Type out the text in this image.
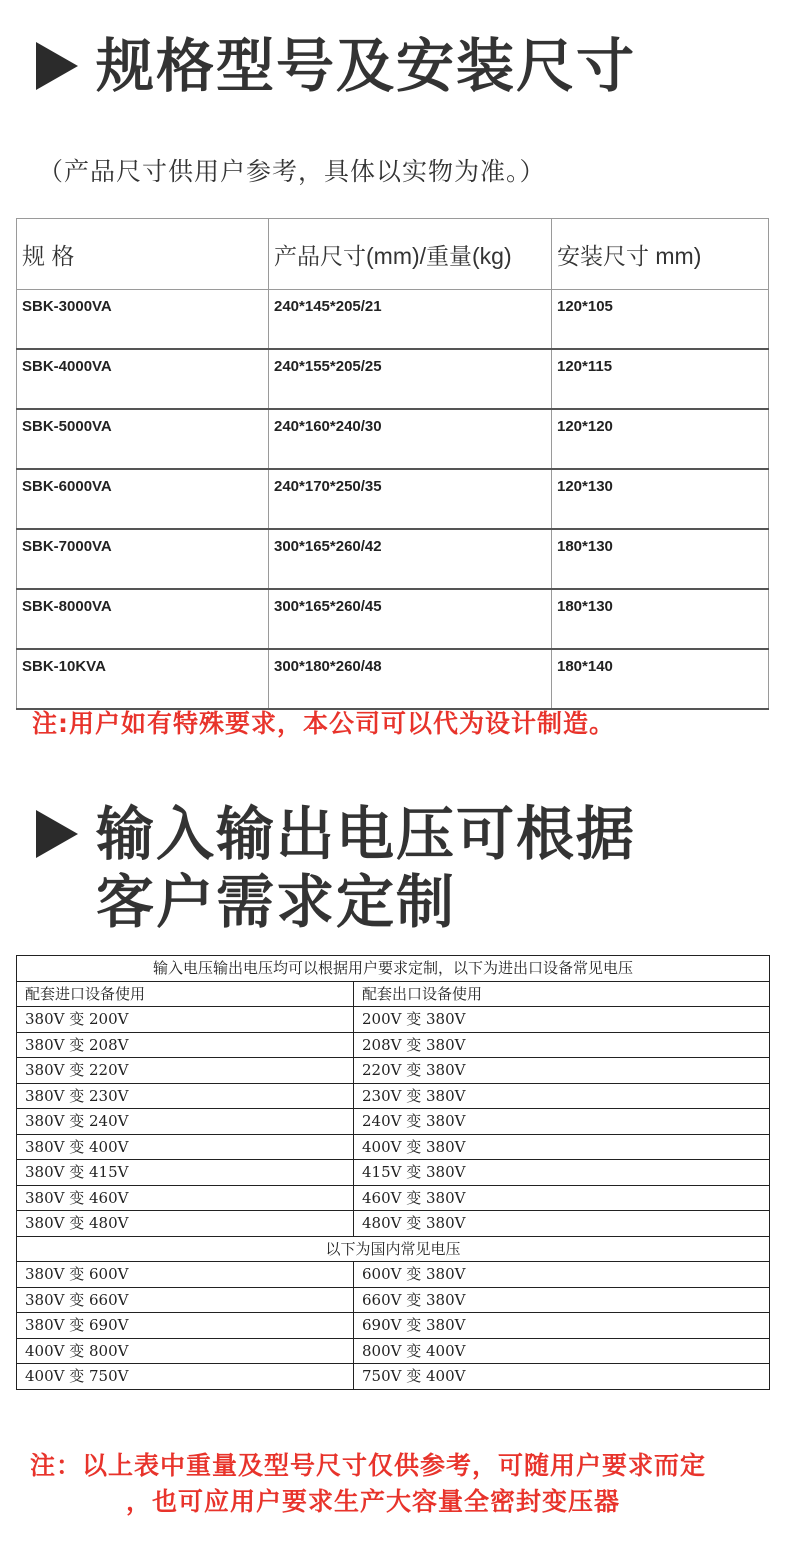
规格型号及安装尺寸
（产品尺寸供用户参考，具体以实物为准。）
规 格	产品尺寸(mm)/重量(kg)	安装尺寸 mm)
SBK-3000VA	240*145*205/21	120*105
SBK-4000VA	240*155*205/25	120*115
SBK-5000VA	240*160*240/30	120*120
SBK-6000VA	240*170*250/35	120*130
SBK-7000VA	300*165*260/42	180*130
SBK-8000VA	300*165*260/45	180*130
SBK-10KVA	300*180*260/48	180*140
注:用户如有特殊要求，本公司可以代为设计制造。
输入输出电压可根据
客户需求定制
输入电压输出电压均可以根据用户要求定制，以下为进出口设备常见电压	
配套进口设备使用	配套出口设备使用
380V 变 200V	200V 变 380V
380V 变 208V	208V 变 380V
380V 变 220V	220V 变 380V
380V 变 230V	230V 变 380V
380V 变 240V	240V 变 380V
380V 变 400V	400V 变 380V
380V 变 415V	415V 变 380V
380V 变 460V	460V 变 380V
380V 变 480V	480V 变 380V
以下为国内常见电压	
380V 变 600V	600V 变 380V
380V 变 660V	660V 变 380V
380V 变 690V	690V 变 380V
400V 变 800V	800V 变 400V
400V 变 750V	750V 变 400V
注：以上表中重量及型号尺寸仅供参考，可随用户要求而定
，也可应用户要求生产大容量全密封变压器
